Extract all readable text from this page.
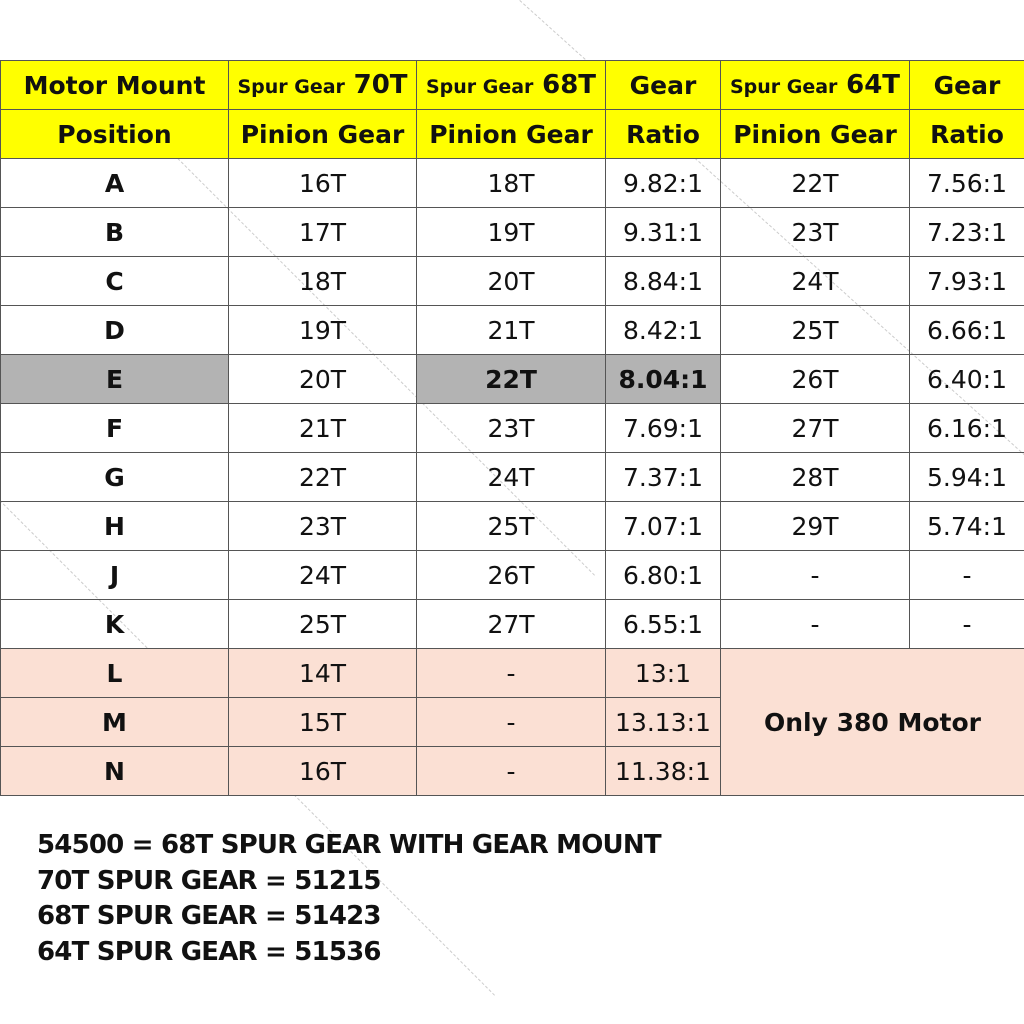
Motor Mount	Spur Gear 70T	Spur Gear 68T	Gear	Spur Gear 64T	Gear
Position	Pinion Gear	Pinion Gear	Ratio	Pinion Gear	Ratio
A	16T	18T	9.82:1	22T	7.56:1
B	17T	19T	9.31:1	23T	7.23:1
C	18T	20T	8.84:1	24T	7.93:1
D	19T	21T	8.42:1	25T	6.66:1
E	20T	22T	8.04:1	26T	6.40:1
F	21T	23T	7.69:1	27T	6.16:1
G	22T	24T	7.37:1	28T	5.94:1
H	23T	25T	7.07:1	29T	5.74:1
J	24T	26T	6.80:1	-	-
K	25T	27T	6.55:1	-	-
L	14T	-	13:1	Only 380 Motor	
M	15T	-	13.13:1		
N	16T	-	11.38:1		
54500 = 68T SPUR GEAR WITH GEAR MOUNT
70T SPUR GEAR = 51215
68T SPUR GEAR = 51423
64T SPUR GEAR = 51536
